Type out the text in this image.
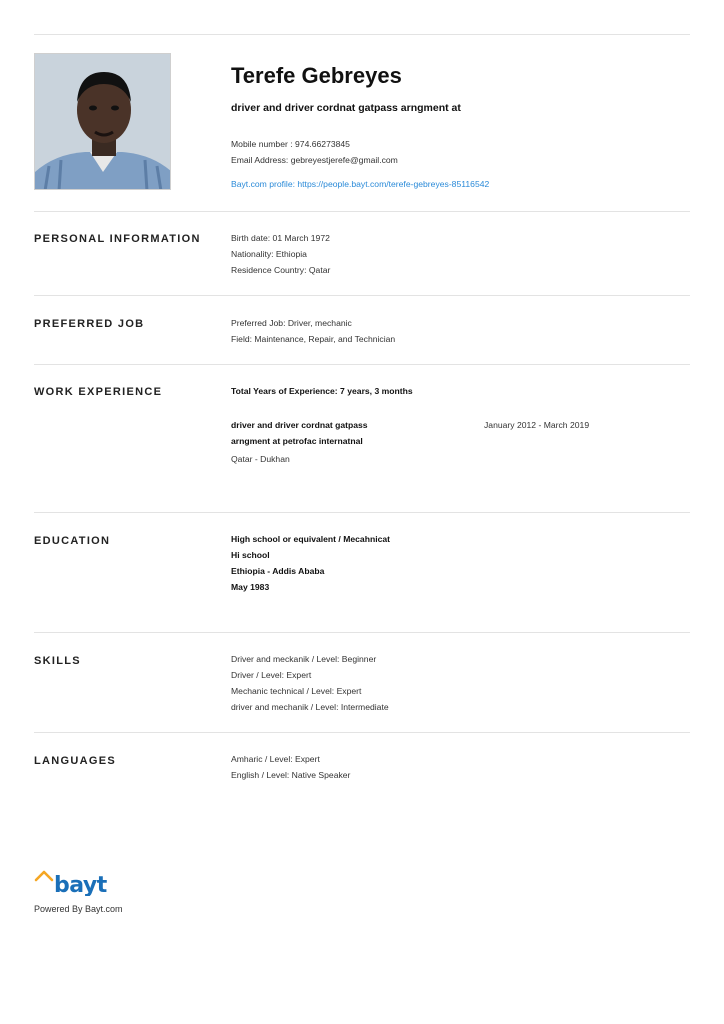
Terefe Gebreyes
driver and driver cordnat gatpass arngment at
Mobile number : 974.66273845
Email Address: gebreyestjerefe@gmail.com
Bayt.com profile: https://people.bayt.com/terefe-gebreyes-85116542
PERSONAL INFORMATION	Birth date: 01 March 1972
Nationality: Ethiopia
Residence Country: Qatar
PREFERRED JOB	Preferred Job: Driver, mechanic
Field: Maintenance, Repair, and Technician
WORK EXPERIENCE	Total Years of Experience: 7 years, 3 months
driver and driver cordnat gatpass
arngment at petrofac internatnal
January 2012 - March 2019
Qatar - Dukhan
EDUCATION	High school or equivalent / Mecahnicat
Hi school
Ethiopia - Addis Ababa
May 1983
SKILLS	Driver and meckanik / Level: Beginner
Driver / Level: Expert
Mechanic technical / Level: Expert
driver and mechanik / Level: Intermediate
LANGUAGES	Amharic / Level: Expert
English / Level: Native Speaker
bayt
Powered By Bayt.com
